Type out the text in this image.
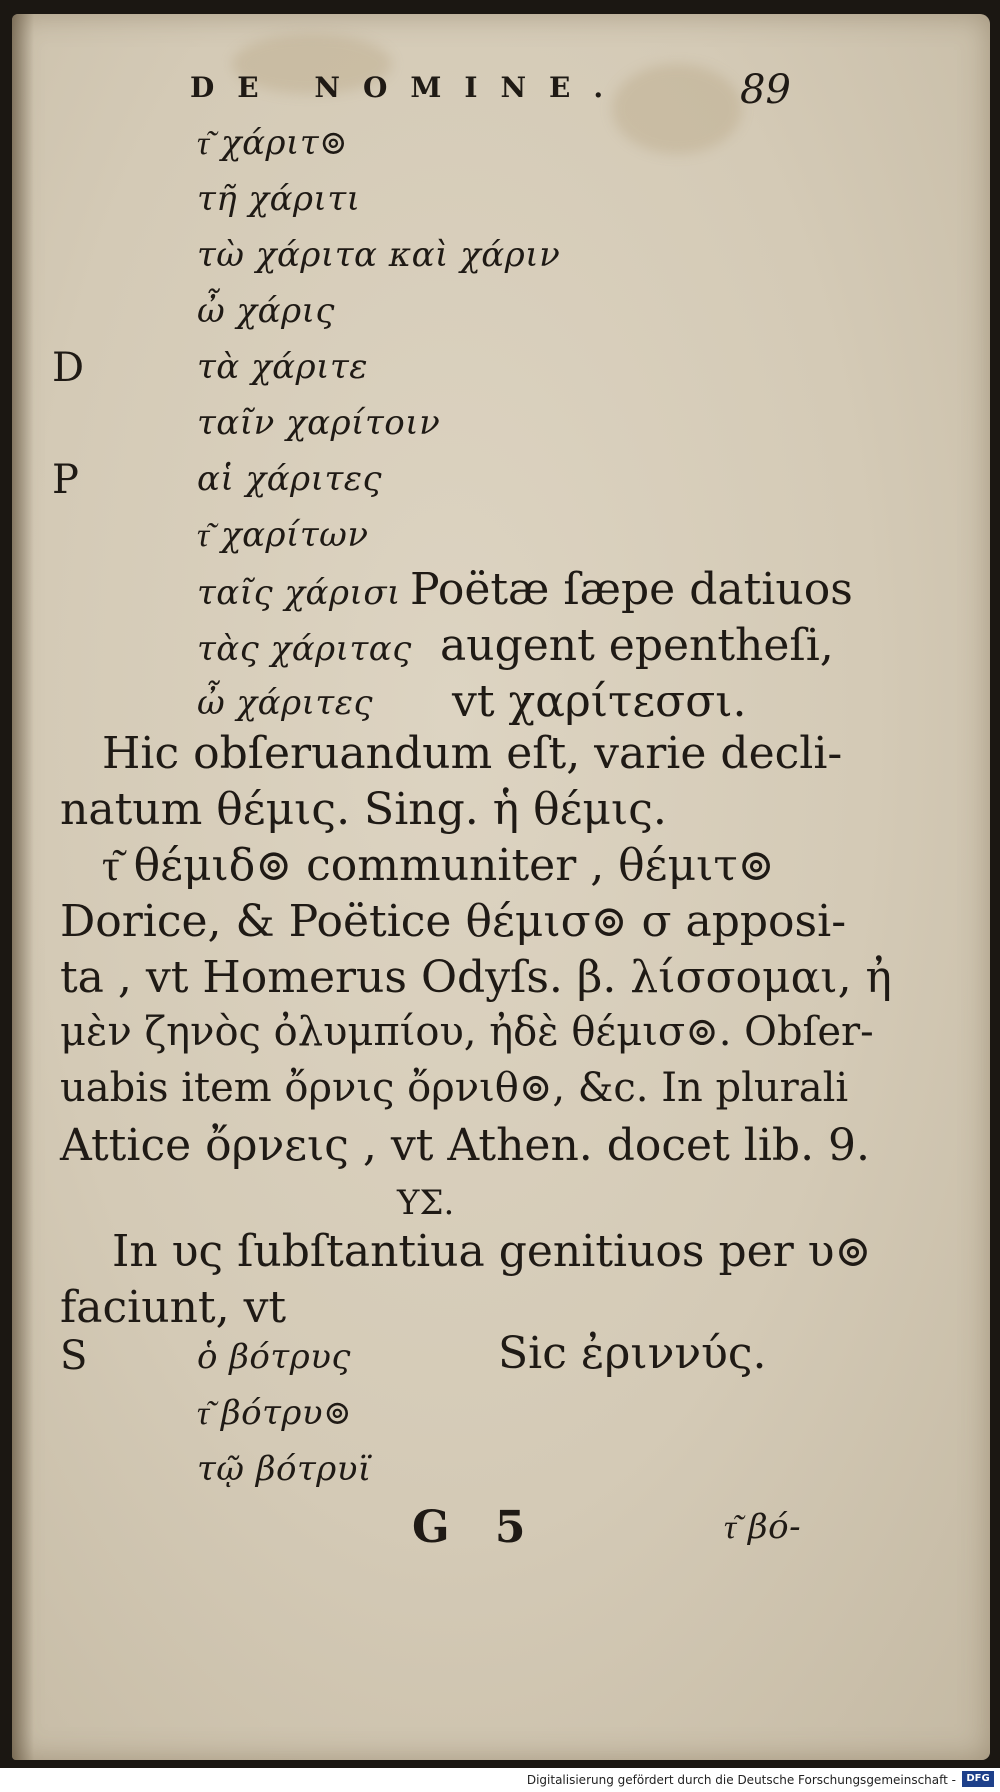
DE NOMINE.	89
τ͂ χάριτ⊚
τῆ χάριτι
τὼ χάριτα καὶ χάριν
ὦ χάρις
D	τὰ χάριτε
ταῖν χαρίτοιν
P	αἱ χάριτες
τ͂ χαρίτων
ταῖς χάρισι Poëtæ ſæpe datiuos
τὰς χάριτας augent epentheſi,
ὦ χάριτες vt χαρίτεσσι.
Hic obſeruandum eſt, varie decli-
natum θέμις. Sing. ἡ θέμις.
τ͂ θέμιδ⊚ communiter , θέμιτ⊚
Dorice, & Poëtice θέμισ⊚ σ apposi-
ta , vt Homerus Odyſs. β. λίσσομαι, ἠ
μὲν ζηνὸς ὀλυμπίου, ἠδὲ θέμισ⊚. Obſer-
uabis item ὄρνις ὄρνιθ⊚, &c. In plurali
Attice ὄρνεις , vt Athen. docet lib. 9.
ΥΣ.
In υς ſubſtantiua genitiuos per υ⊚
faciunt, vt
S	ὁ βότρυς	Sic ἐριννύς.
τ͂ βότρυ⊚
τῷ βότρυϊ
G 5	τ͂ βό-
Digitalisierung gefördert durch die Deutsche Forschungsgemeinschaft -	DFG
